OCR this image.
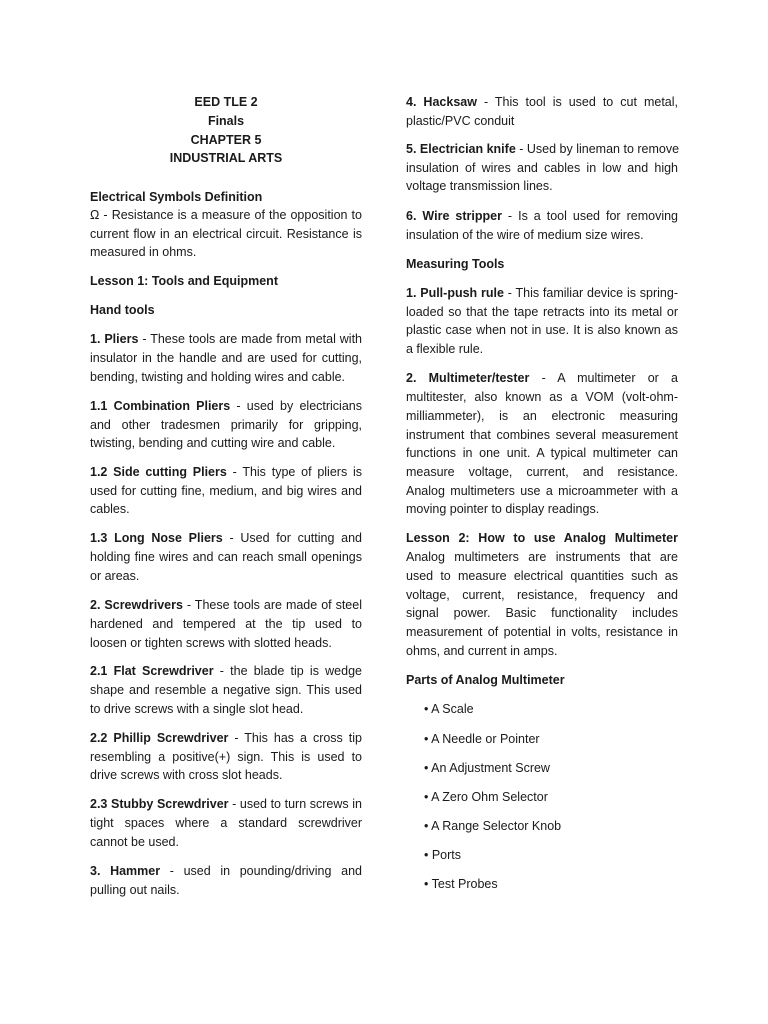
EED TLE 2
Finals
CHAPTER 5
INDUSTRIAL ARTS
Electrical Symbols Definition
Ω - Resistance is a measure of the opposition to
current flow in an electrical circuit. Resistance is
measured in ohms.
Lesson 1: Tools and Equipment
Hand tools
1. Pliers - These tools are made from metal with
insulator in the handle and are used for cutting,
bending, twisting and holding wires and cable.
1.1 Combination Pliers - used by electricians
and other tradesmen primarily for gripping,
twisting, bending and cutting wire and cable.
1.2 Side cutting Pliers - This type of pliers is
used for cutting fine, medium, and big wires and
cables.
1.3 Long Nose Pliers - Used for cutting and
holding fine wires and can reach small openings
or areas.
2. Screwdrivers - These tools are made of steel
hardened and tempered at the tip used to
loosen or tighten screws with slotted heads.
2.1 Flat Screwdriver - the blade tip is wedge
shape and resemble a negative sign. This used
to drive screws with a single slot head.
2.2 Phillip Screwdriver - This has a cross tip
resembling a positive(+) sign. This is used to
drive screws with cross slot heads.
2.3 Stubby Screwdriver - used to turn screws in
tight spaces where a standard screwdriver
cannot be used.
3. Hammer - used in pounding/driving and
pulling out nails.
4. Hacksaw - This tool is used to cut metal,
plastic/PVC conduit
5. Electrician knife - Used by lineman to remove
insulation of wires and cables in low and high
voltage transmission lines.
6. Wire stripper - Is a tool used for removing
insulation of the wire of medium size wires.
Measuring Tools
1. Pull-push rule - This familiar device is spring-
loaded so that the tape retracts into its metal or
plastic case when not in use. It is also known as
a flexible rule.
2. Multimeter/tester - A multimeter or a
multitester, also known as a VOM (volt-ohm-
milliammeter), is an electronic measuring
instrument that combines several measurement
functions in one unit. A typical multimeter can
measure voltage, current, and resistance.
Analog multimeters use a microammeter with a
moving pointer to display readings.
Lesson 2: How to use Analog Multimeter
Analog multimeters are instruments that are
used to measure electrical quantities such as
voltage, current, resistance, frequency and
signal power. Basic functionality includes
measurement of potential in volts, resistance in
ohms, and current in amps.
Parts of Analog Multimeter
• A Scale
• A Needle or Pointer
• An Adjustment Screw
• A Zero Ohm Selector
• A Range Selector Knob
• Ports
• Test Probes
